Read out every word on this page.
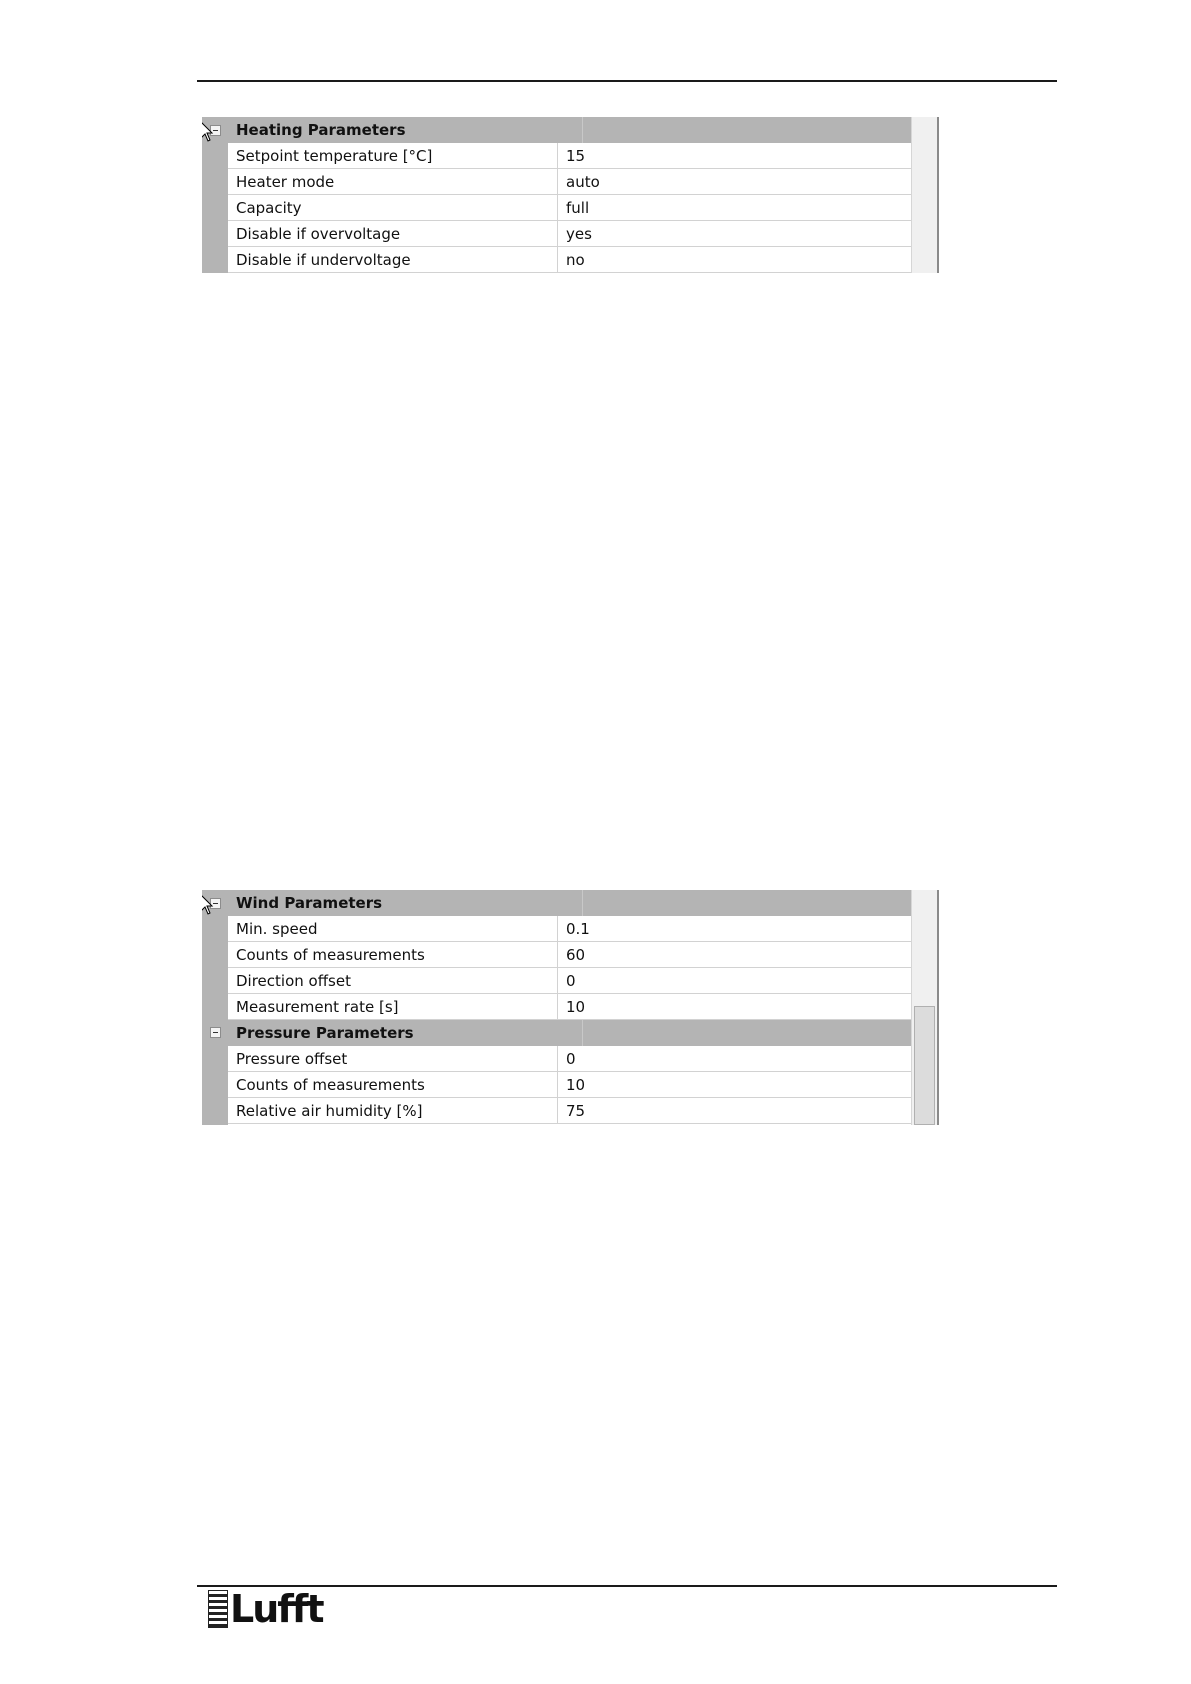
Heating Parameters
Setpoint temperature [°C]	15
Heater mode	auto
Capacity	full
Disable if overvoltage	yes
Disable if undervoltage	no
Wind Parameters
Min. speed	0.1
Counts of measurements	60
Direction offset	0
Measurement rate [s]	10
Pressure Parameters
Pressure offset	0
Counts of measurements	10
Relative air humidity [%]	75
Lufft
